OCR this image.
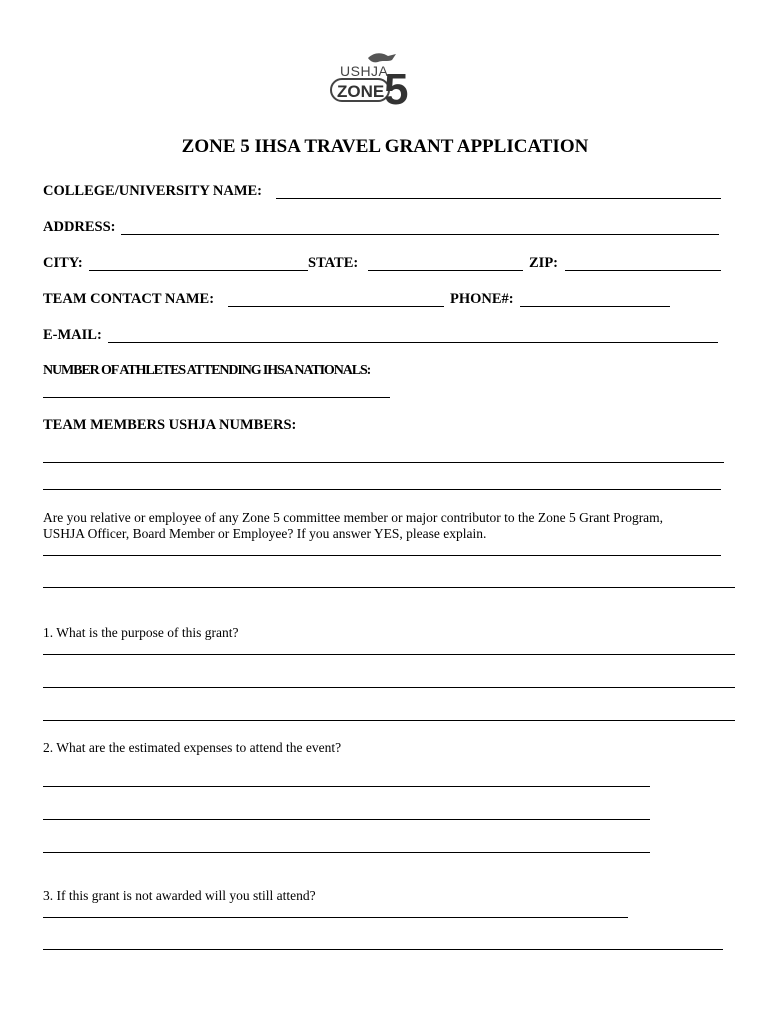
USHJA
ZONE 5
ZONE 5 IHSA TRAVEL GRANT APPLICATION
COLLEGE/UNIVERSITY NAME:
ADDRESS:
CITY:	STATE:	ZIP:
TEAM CONTACT NAME:	PHONE#:
E-MAIL:
NUMBER OF ATHLETES ATTENDING IHSA NATIONALS:
TEAM MEMBERS USHJA NUMBERS:
Are you relative or employee of any Zone 5 committee member or major contributor to the Zone 5 Grant Program,
USHJA Officer, Board Member or Employee? If you answer YES, please explain.
1. What is the purpose of this grant?
2. What are the estimated expenses to attend the event?
3. If this grant is not awarded will you still attend?
